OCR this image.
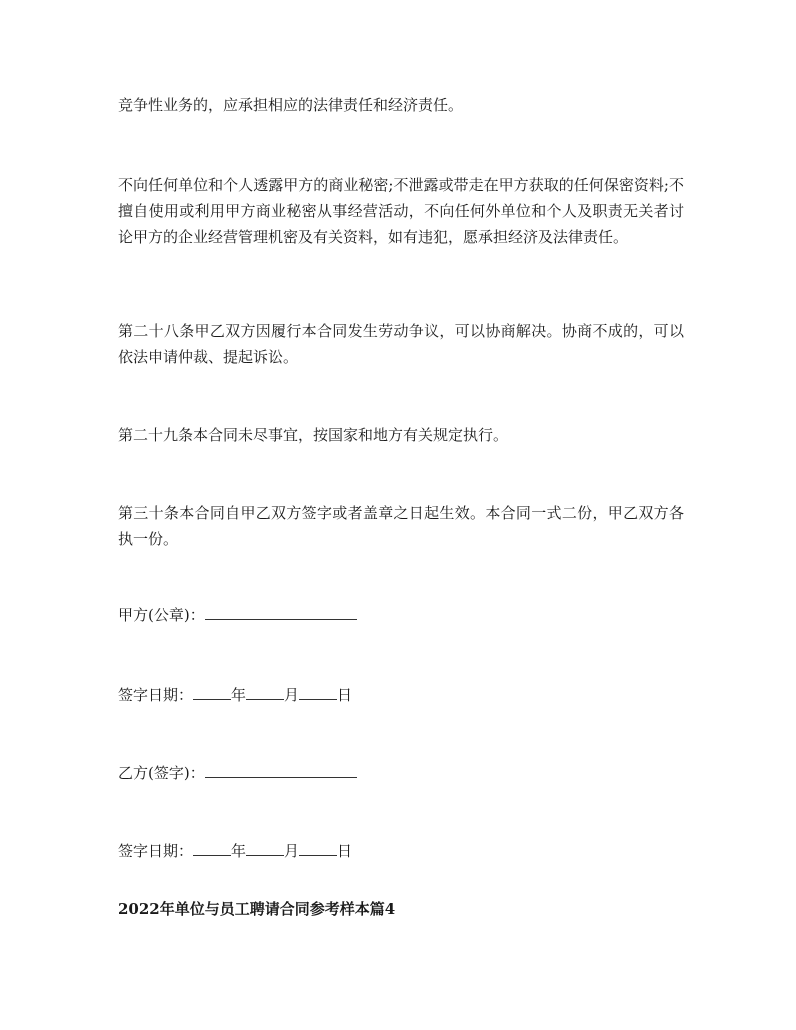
竞争性业务的，应承担相应的法律责任和经济责任。

不向任何单位和个人透露甲方的商业秘密;不泄露或带走在甲方获取的任何保密资料;不擅自使用或利用甲方商业秘密从事经营活动，不向任何外单位和个人及职责无关者讨论甲方的企业经营管理机密及有关资料，如有违犯，愿承担经济及法律责任。

第二十八条甲乙双方因履行本合同发生劳动争议，可以协商解决。协商不成的，可以依法申请仲裁、提起诉讼。

第二十九条本合同未尽事宜，按国家和地方有关规定执行。

第三十条本合同自甲乙双方签字或者盖章之日起生效。本合同一式二份，甲乙双方各执一份。

甲方(公章)：
签字日期：	年	月	日
乙方(签字)：
签字日期：	年	月	日
2022年单位与员工聘请合同参考样本篇4
